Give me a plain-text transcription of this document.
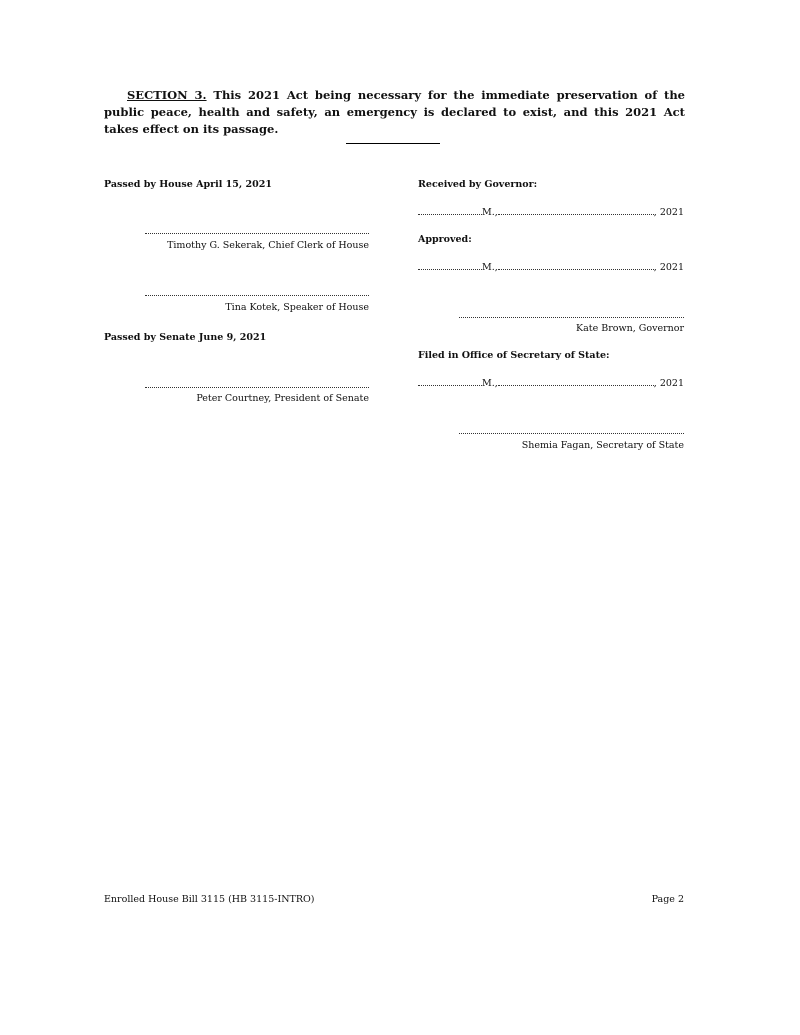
SECTION 3. This 2021 Act being necessary for the immediate preservation of the public peace, health and safety, an emergency is declared to exist, and this 2021 Act takes effect on its passage.
Passed by House April 15, 2021
Timothy G. Sekerak, Chief Clerk of House
Tina Kotek, Speaker of House
Passed by Senate June 9, 2021
Peter Courtney, President of Senate
Received by Governor:
M.,	, 2021
Approved:
M.,	, 2021
Kate Brown, Governor
Filed in Office of Secretary of State:
M.,	, 2021
Shemia Fagan, Secretary of State
Enrolled House Bill 3115 (HB 3115-INTRO)	Page 2
